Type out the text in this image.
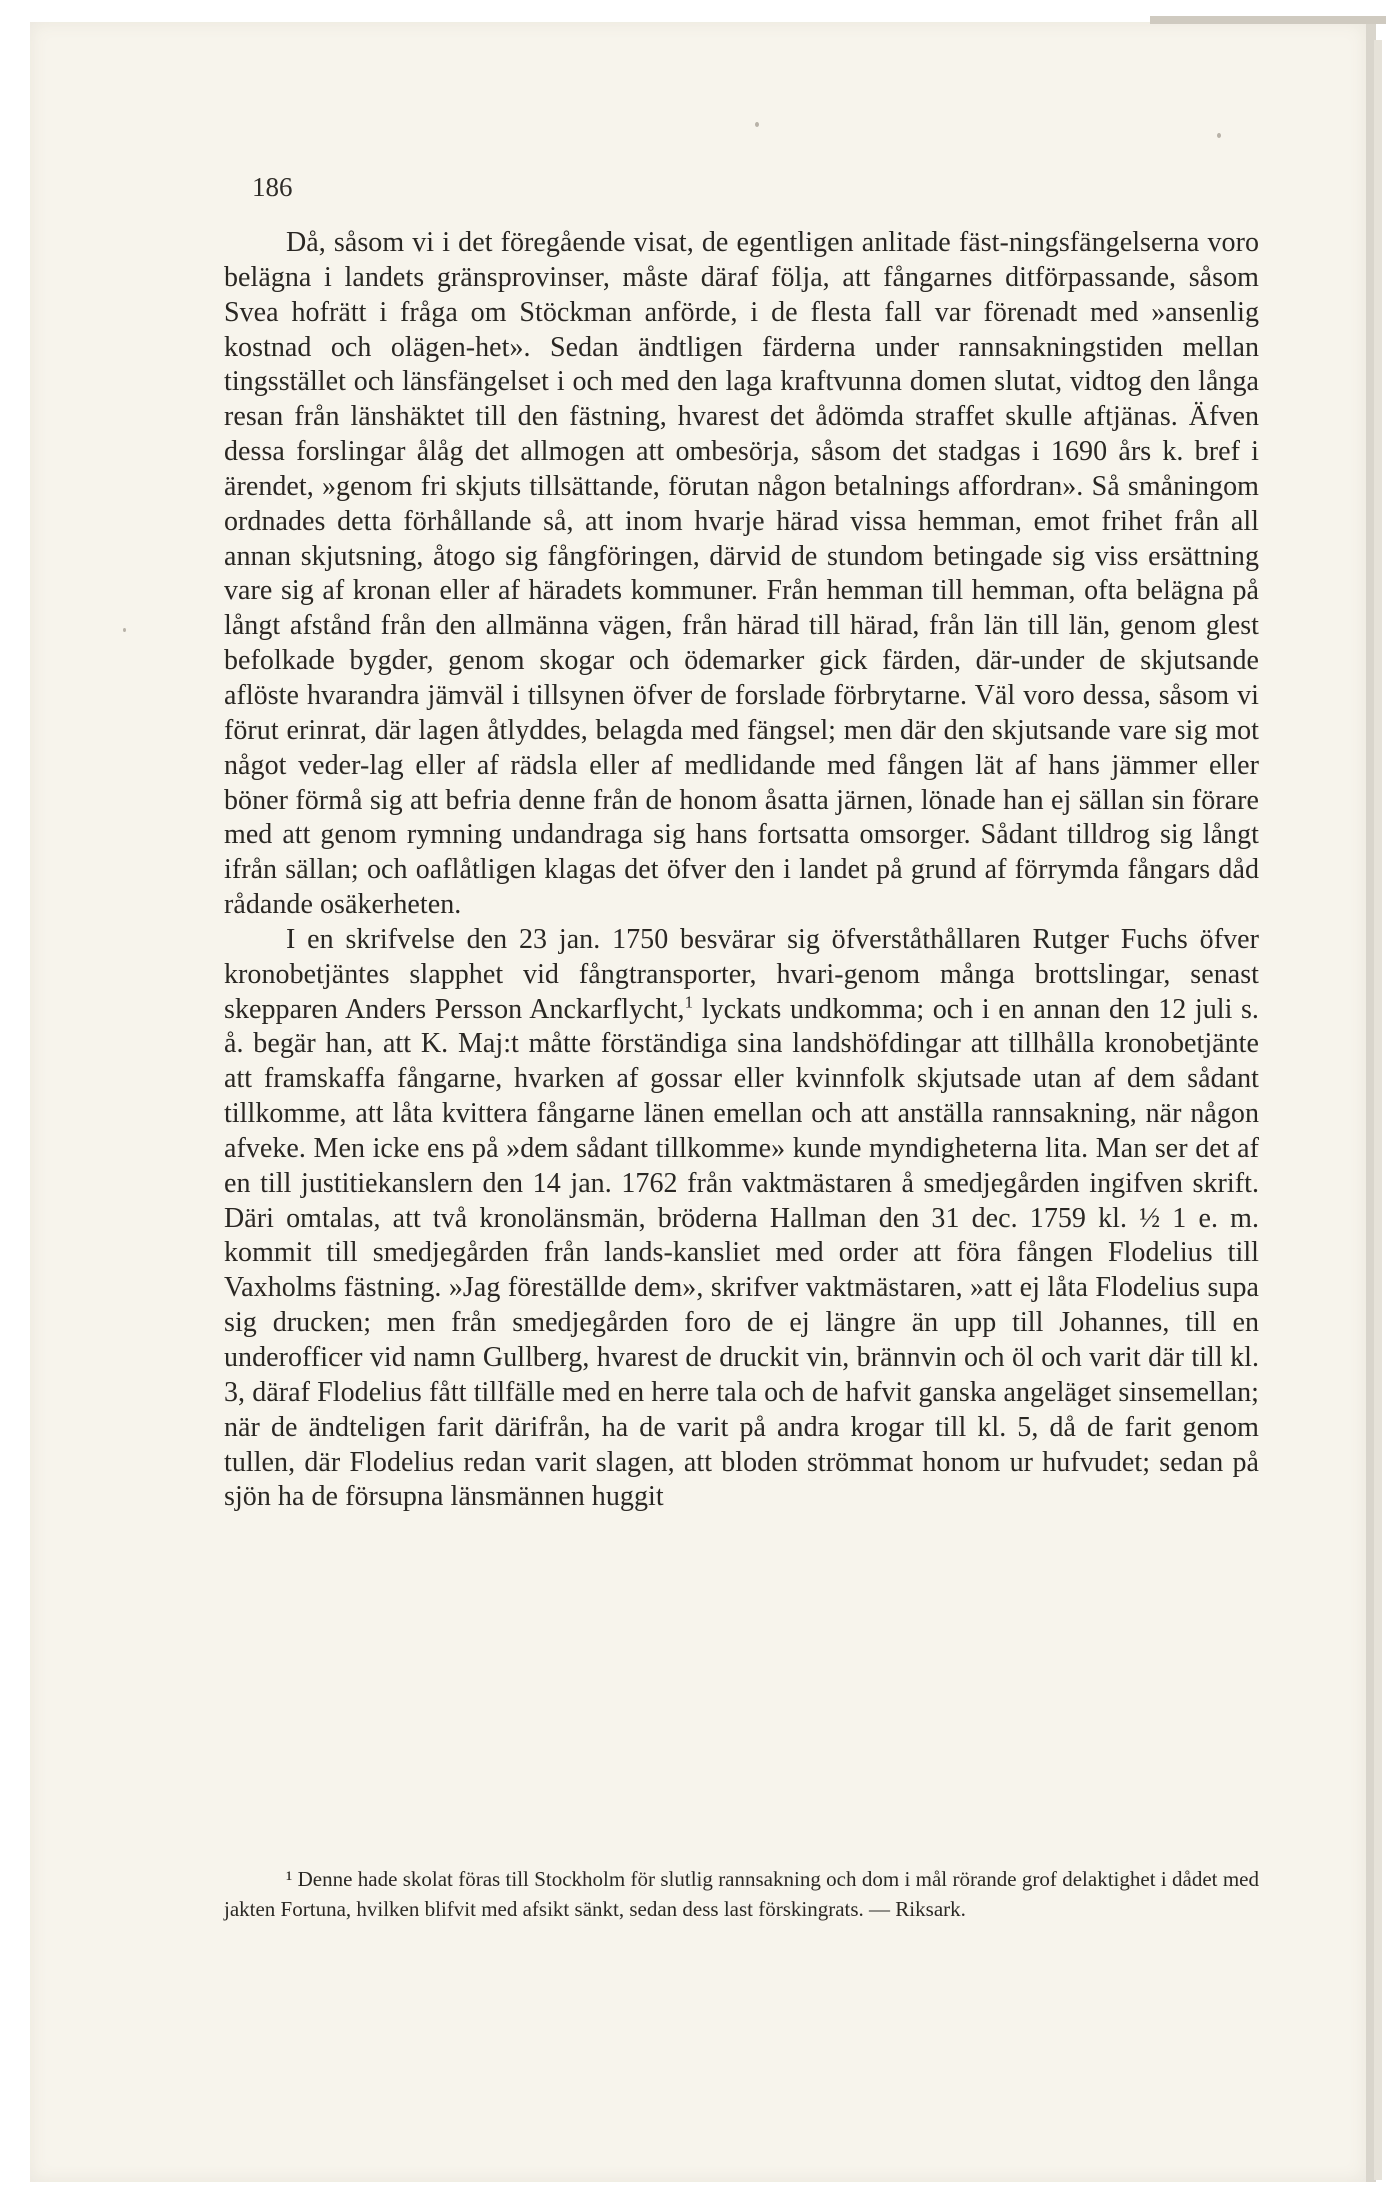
186

Då, såsom vi i det föregående visat, de egentligen anlitade fäst-ningsfängelserna voro belägna i landets gränsprovinser, måste däraf följa, att fångarnes ditförpassande, såsom Svea hofrätt i fråga om Stöckman anförde, i de flesta fall var förenadt med »ansenlig kostnad och olägen-het». Sedan ändtligen färderna under rannsakningstiden mellan tingsstället och länsfängelset i och med den laga kraftvunna domen slutat, vidtog den långa resan från länshäktet till den fästning, hvarest det ådömda straffet skulle aftjänas. Äfven dessa forslingar ålåg det allmogen att ombesörja, såsom det stadgas i 1690 års k. bref i ärendet, »genom fri skjuts tillsättande, förutan någon betalnings affordran». Så småningom ordnades detta förhållande så, att inom hvarje härad vissa hemman, emot frihet från all annan skjutsning, åtogo sig fångföringen, därvid de stundom betingade sig viss ersättning vare sig af kronan eller af häradets kommuner. Från hemman till hemman, ofta belägna på långt afstånd från den allmänna vägen, från härad till härad, från län till län, genom glest befolkade bygder, genom skogar och ödemarker gick färden, där-under de skjutsande aflöste hvarandra jämväl i tillsynen öfver de forslade förbrytarne. Väl voro dessa, såsom vi förut erinrat, där lagen åtlyddes, belagda med fängsel; men där den skjutsande vare sig mot något veder-lag eller af rädsla eller af medlidande med fången lät af hans jämmer eller böner förmå sig att befria denne från de honom åsatta järnen, lönade han ej sällan sin förare med att genom rymning undandraga sig hans fortsatta omsorger. Sådant tilldrog sig långt ifrån sällan; och oaflåtligen klagas det öfver den i landet på grund af förrymda fångars dåd rådande osäkerheten.

I en skrifvelse den 23 jan. 1750 besvärar sig öfverståthållaren Rutger Fuchs öfver kronobetjäntes slapphet vid fångtransporter, hvari-genom många brottslingar, senast skepparen Anders Persson Anckarflycht,$^1$ lyckats undkomma; och i en annan den 12 juli s. å. begär han, att K. Maj:t måtte förständiga sina landshöfdingar att tillhålla kronobetjänte att framskaffa fångarne, hvarken af gossar eller kvinnfolk skjutsade utan af dem sådant tillkomme, att låta kvittera fångarne länen emellan och att anställa rannsakning, när någon afveke. Men icke ens på »dem sådant tillkomme» kunde myndigheterna lita. Man ser det af en till justitiekanslern den 14 jan. 1762 från vaktmästaren å smedjegården ingifven skrift. Däri omtalas, att två kronolänsmän, bröderna Hallman den 31 dec. 1759 kl. ½ 1 e. m. kommit till smedjegården från lands-kansliet med order att föra fången Flodelius till Vaxholms fästning. »Jag föreställde dem», skrifver vaktmästaren, »att ej låta Flodelius supa sig drucken; men från smedjegården foro de ej längre än upp till Johannes, till en underofficer vid namn Gullberg, hvarest de druckit vin, brännvin och öl och varit där till kl. 3, däraf Flodelius fått tillfälle med en herre tala och de hafvit ganska angeläget sinsemellan; när de ändteligen farit därifrån, ha de varit på andra krogar till kl. 5, då de farit genom tullen, där Flodelius redan varit slagen, att bloden strömmat honom ur hufvudet; sedan på sjön ha de försupna länsmännen huggit

¹ Denne hade skolat föras till Stockholm för slutlig rannsakning och dom i mål rörande grof delaktighet i dådet med jakten Fortuna, hvilken blifvit med afsikt sänkt, sedan dess last förskingrats. — Riksark.
